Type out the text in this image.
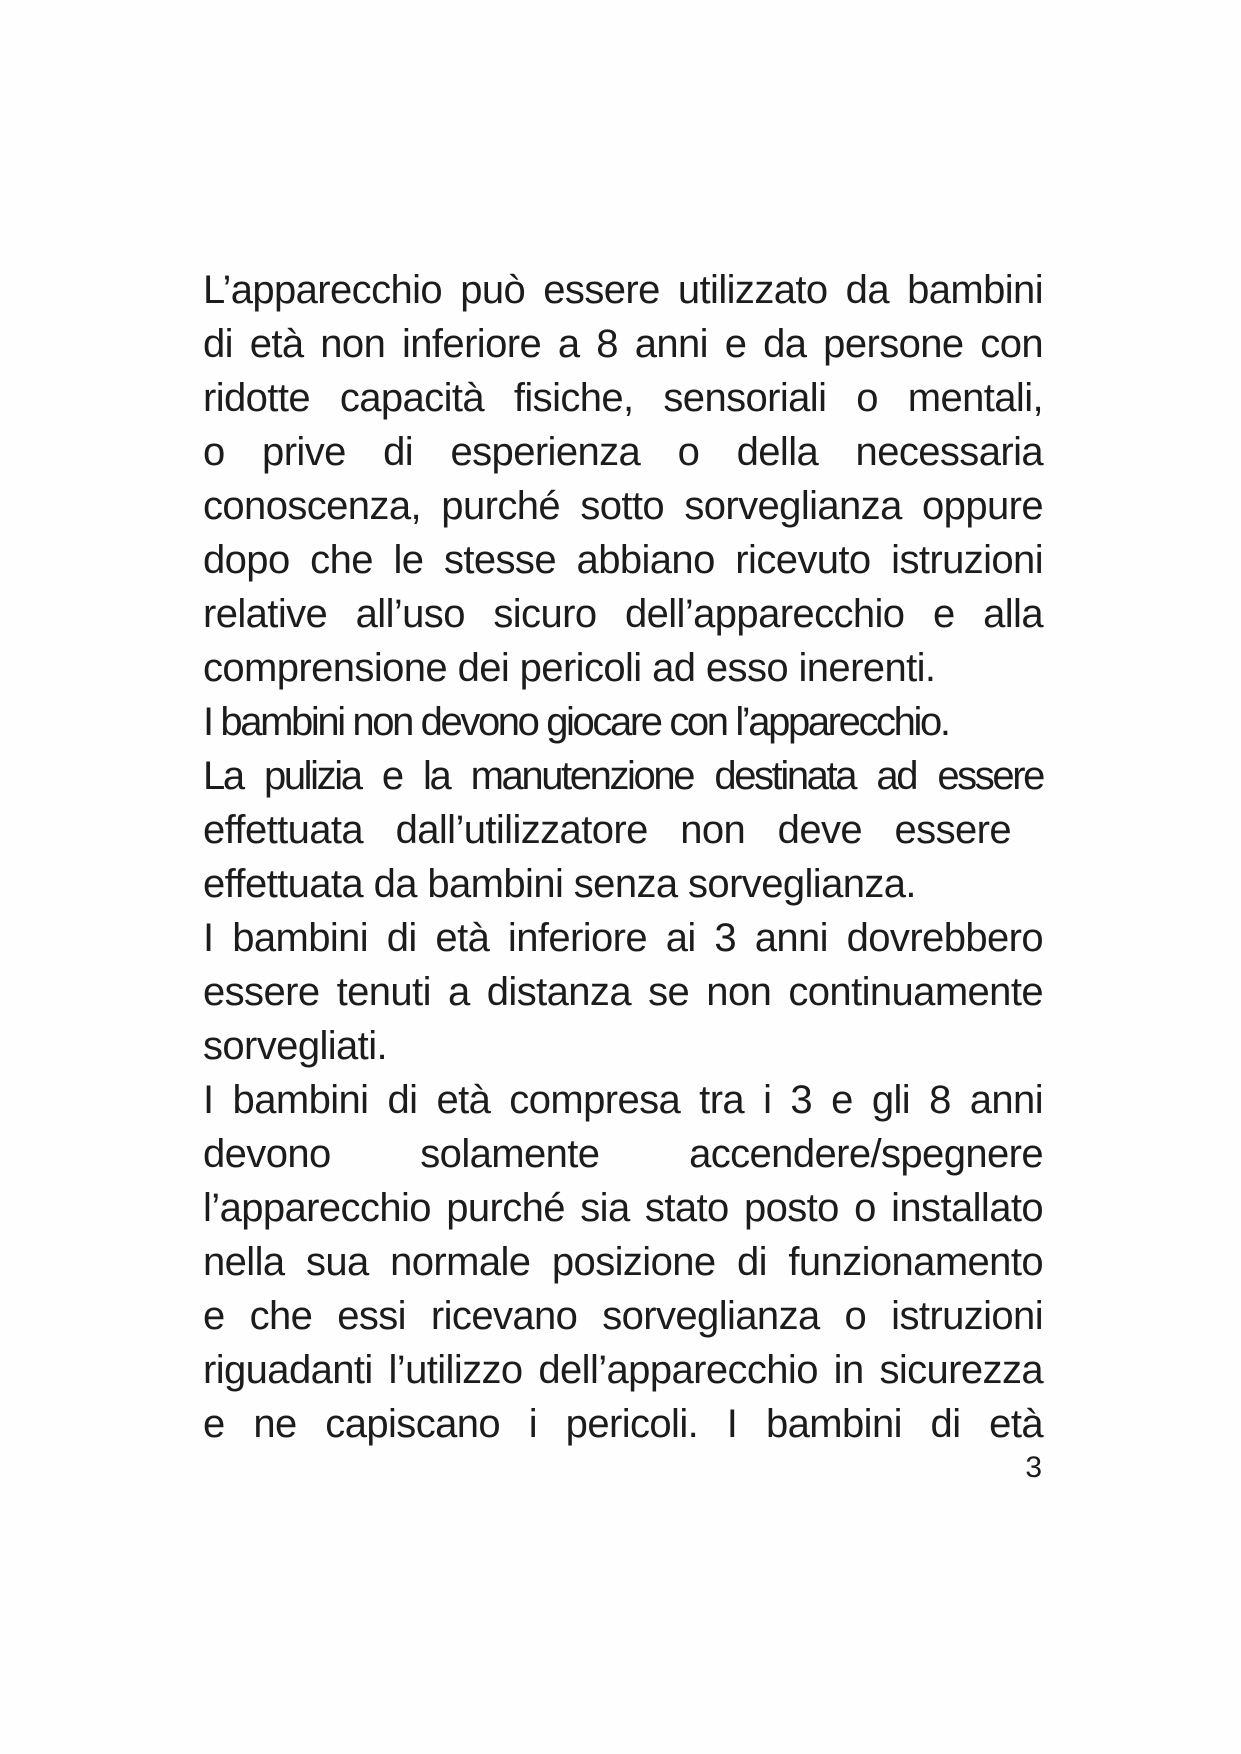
L’apparecchio può essere utilizzato da bambini
di età non inferiore a 8 anni e da persone con
ridotte capacità fisiche, sensoriali o mentali,
o prive di esperienza o della necessaria
conoscenza, purché sotto sorveglianza oppure
dopo che le stesse abbiano ricevuto istruzioni
relative all’uso sicuro dell’apparecchio e alla
comprensione dei pericoli ad esso inerenti.
I bambini non devono giocare con l’apparecchio.
La pulizia e la manutenzione destinata ad essere
effettuata dall’utilizzatore non deve essere
effettuata da bambini senza sorveglianza.
I bambini di età inferiore ai 3 anni dovrebbero
essere tenuti a distanza se non continuamente
sorvegliati.
I bambini di età compresa tra i 3 e gli 8 anni
devono solamente accendere/spegnere
l’apparecchio purché sia stato posto o installato
nella sua normale posizione di funzionamento
e che essi ricevano sorveglianza o istruzioni
riguadanti l’utilizzo dell’apparecchio in sicurezza
e ne capiscano i pericoli. I bambini di età
3
